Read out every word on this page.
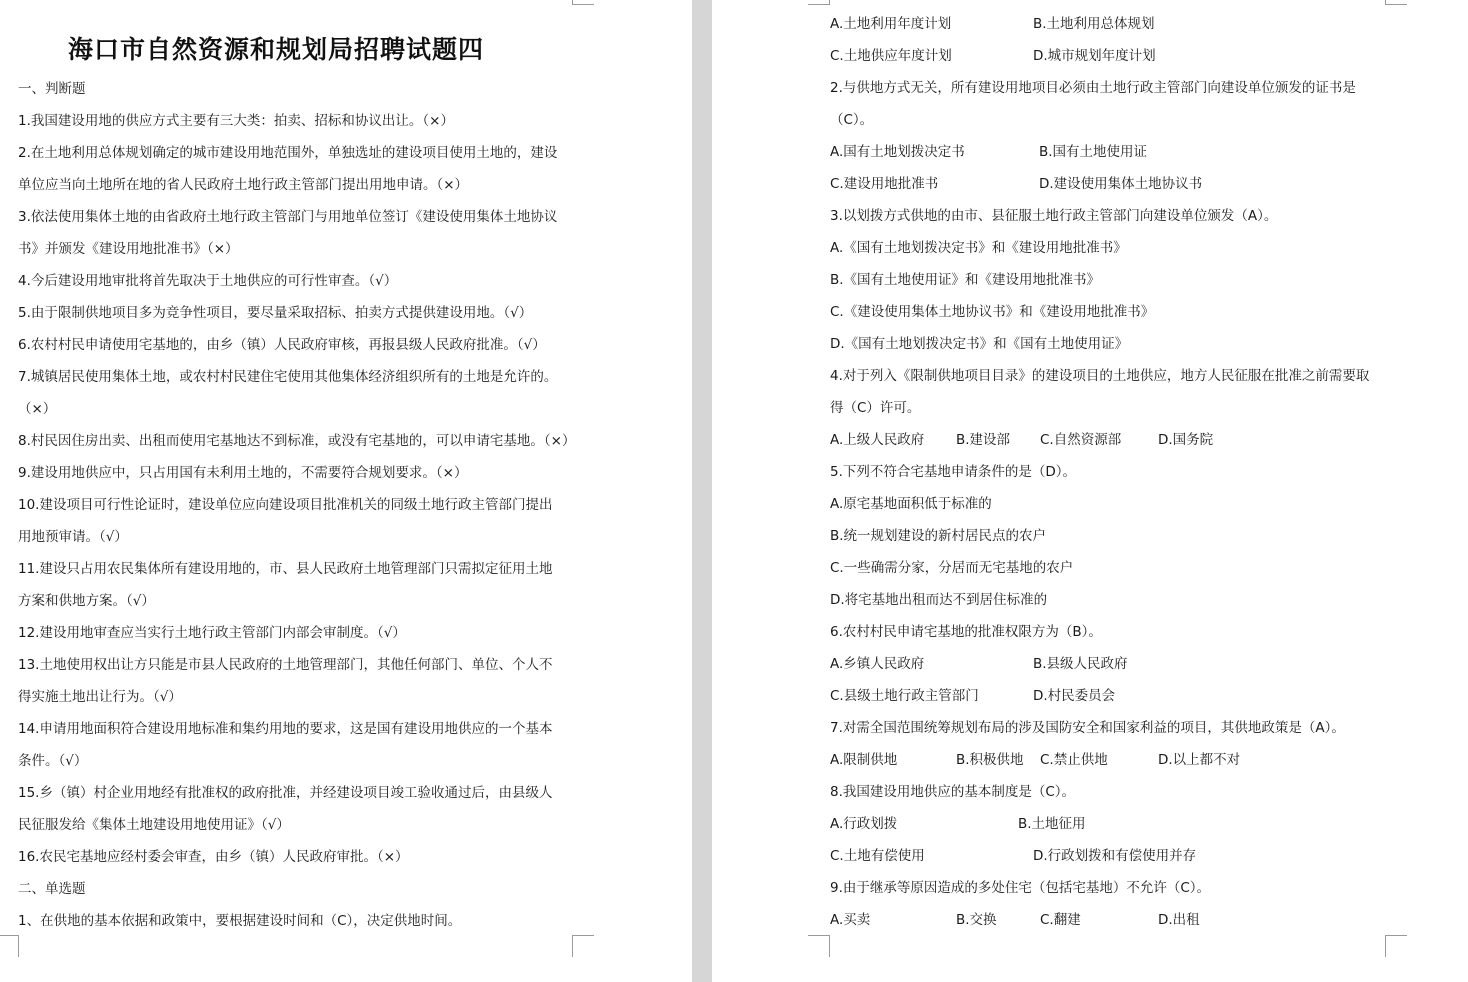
海口市自然资源和规划局招聘试题四
一、判断题
1.我国建设用地的供应方式主要有三大类：拍卖、招标和协议出让。（×）
2.在土地利用总体规划确定的城市建设用地范围外，单独选址的建设项目使用土地的，建设
单位应当向土地所在地的省人民政府土地行政主管部门提出用地申请。（×）
3.依法使用集体土地的由省政府土地行政主管部门与用地单位签订《建设使用集体土地协议
书》并颁发《建设用地批准书》（×）
4.今后建设用地审批将首先取决于土地供应的可行性审查。（√）
5.由于限制供地项目多为竞争性项目，要尽量采取招标、拍卖方式提供建设用地。（√）
6.农村村民申请使用宅基地的，由乡（镇）人民政府审核，再报县级人民政府批准。（√）
7.城镇居民使用集体土地，或农村村民建住宅使用其他集体经济组织所有的土地是允许的。
（×）
8.村民因住房出卖、出租而使用宅基地达不到标准，或没有宅基地的，可以申请宅基地。（×）
9.建设用地供应中，只占用国有未利用土地的，不需要符合规划要求。（×）
10.建设项目可行性论证时，建设单位应向建设项目批准机关的同级土地行政主管部门提出
用地预审请。（√）
11.建设只占用农民集体所有建设用地的，市、县人民政府土地管理部门只需拟定征用土地
方案和供地方案。（√）
12.建设用地审查应当实行土地行政主管部门内部会审制度。（√）
13.土地使用权出让方只能是市县人民政府的土地管理部门，其他任何部门、单位、个人不
得实施土地出让行为。（√）
14.申请用地面积符合建设用地标准和集约用地的要求，这是国有建设用地供应的一个基本
条件。（√）
15.乡（镇）村企业用地经有批准权的政府批准，并经建设项目竣工验收通过后，由县级人
民征服发给《集体土地建设用地使用证》（√）
16.农民宅基地应经村委会审查，由乡（镇）人民政府审批。（×）
二、单选题
1、在供地的基本依据和政策中，要根据建设时间和（C），决定供地时间。
A.土地利用年度计划	B.土地利用总体规划
C.土地供应年度计划	D.城市规划年度计划
2.与供地方式无关，所有建设用地项目必须由土地行政主管部门向建设单位颁发的证书是
（C）。
A.国有土地划拨决定书	B.国有土地使用证
C.建设用地批准书	D.建设使用集体土地协议书
3.以划拨方式供地的由市、县征服土地行政主管部门向建设单位颁发（A）。
A.《国有土地划拨决定书》和《建设用地批准书》
B.《国有土地使用证》和《建设用地批准书》
C.《建设使用集体土地协议书》和《建设用地批准书》
D.《国有土地划拨决定书》和《国有土地使用证》
4.对于列入《限制供地项目目录》的建设项目的土地供应，地方人民征服在批准之前需要取
得（C）许可。
A.上级人民政府 B.建设部 C.自然资源部	D.国务院
5.下列不符合宅基地申请条件的是（D）。
A.原宅基地面积低于标准的
B.统一规划建设的新村居民点的农户
C.一些确需分家，分居而无宅基地的农户
D.将宅基地出租而达不到居住标准的
6.农村村民申请宅基地的批准权限方为（B）。
A.乡镇人民政府	B.县级人民政府
C.县级土地行政主管部门	D.村民委员会
7.对需全国范围统筹规划布局的涉及国防安全和国家利益的项目，其供地政策是（A）。
A.限制供地	B.积极供地 C.禁止供地	D.以上都不对
8.我国建设用地供应的基本制度是（C）。
A.行政划拨	B.土地征用
C.土地有偿使用	D.行政划拨和有偿使用并存
9.由于继承等原因造成的多处住宅（包括宅基地）不允许（C）。
A.买卖	B.交换	C.翻建	D.出租
